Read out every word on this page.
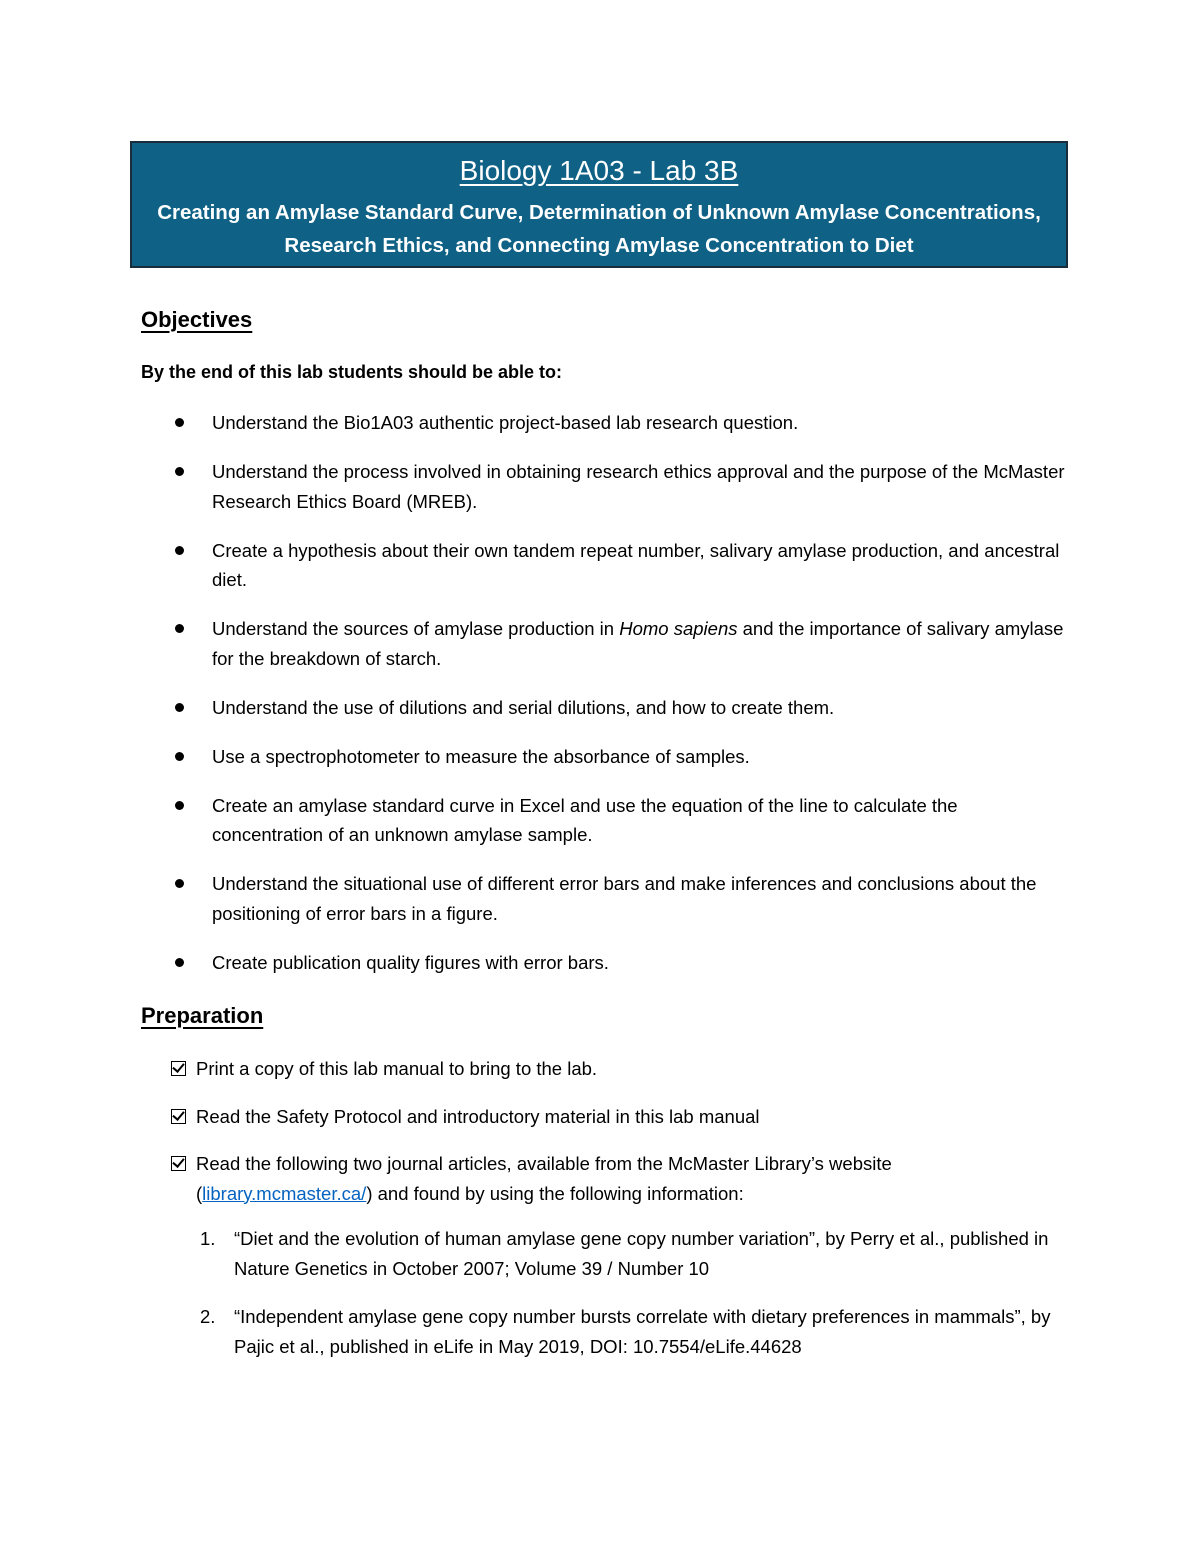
Biology 1A03 - Lab 3B
Creating an Amylase Standard Curve, Determination of Unknown Amylase Concentrations, Research Ethics, and Connecting Amylase Concentration to Diet
Objectives

By the end of this lab students should be able to:

Understand the Bio1A03 authentic project-based lab research question.
Understand the process involved in obtaining research ethics approval and the purpose of the McMaster Research Ethics Board (MREB).
Create a hypothesis about their own tandem repeat number, salivary amylase production, and ancestral diet.
Understand the sources of amylase production in Homo sapiens and the importance of salivary amylase for the breakdown of starch.
Understand the use of dilutions and serial dilutions, and how to create them.
Use a spectrophotometer to measure the absorbance of samples.
Create an amylase standard curve in Excel and use the equation of the line to calculate the concentration of an unknown amylase sample.
Understand the situational use of different error bars and make inferences and conclusions about the positioning of error bars in a figure.
Create publication quality figures with error bars.
Preparation
Print a copy of this lab manual to bring to the lab.
Read the Safety Protocol and introductory material in this lab manual
Read the following two journal articles, available from the McMaster Library’s website
(library.mcmaster.ca/) and found by using the following information:
1. “Diet and the evolution of human amylase gene copy number variation”, by Perry et al., published in Nature Genetics in October 2007; Volume 39 / Number 10
2. “Independent amylase gene copy number bursts correlate with dietary preferences in mammals”, by Pajic et al., published in eLife in May 2019, DOI: 10.7554/eLife.44628
